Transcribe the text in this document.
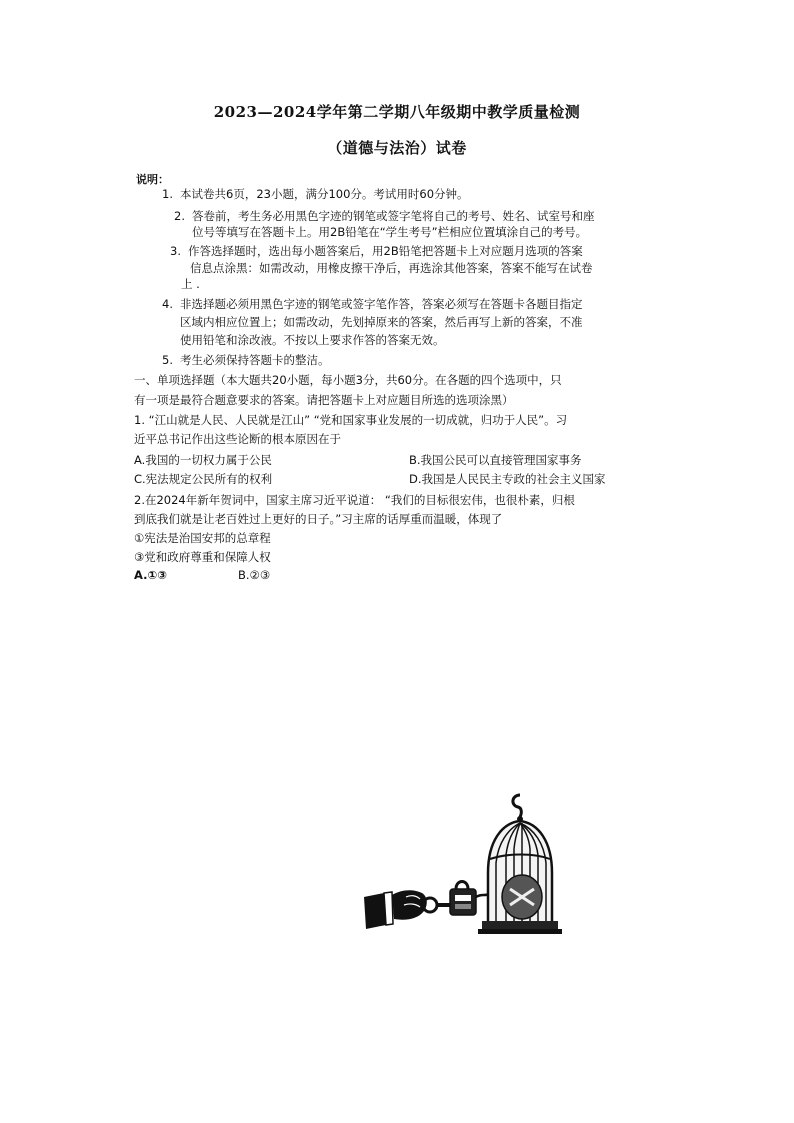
2023—2024学年第二学期八年级期中教学质量检测
（道德与法治）试卷
说明：
1. 本试卷共6页，23小题，满分100分。考试用时60分钟。
2. 答卷前，考生务必用黑色字迹的钢笔或签字笔将自己的考号、姓名、试室号和座
位号等填写在答题卡上。用2B铅笔在“学生考号”栏相应位置填涂自己的考号。
3. 作答选择题时，选出每小题答案后，用2B铅笔把答题卡上对应题月选项的答案
信息点涂黑：如需改动，用橡皮擦干净后，再选涂其他答案，答案不能写在试卷
上 .
4. 非选择题必须用黑色字迹的钢笔或签字笔作答，答案必须写在答题卡各题目指定
区域内相应位置上；如需改动，先划掉原来的答案，然后再写上新的答案，不准
使用铅笔和涂改液。不按以上要求作答的答案无效。
5. 考生必须保持答题卡的整洁。
一、单项选择题（本大题共20小题，每小题3分，共60分。在各题的四个选项中，只
有一项是最符合题意要求的答案。请把答题卡上对应题目所选的选项涂黑）
1. “江山就是人民、人民就是江山” “党和国家事业发展的一切成就，归功于人民”。习
近平总书记作出这些论断的根本原因在于
A.我国的一切权力属于公民	B.我国公民可以直接管理国家事务
C.宪法规定公民所有的权利	D.我国是人民民主专政的社会主义国家
2.在2024年新年贺词中，国家主席习近平说道： “我们的目标很宏伟，也很朴素，归根
到底我们就是让老百姓过上更好的日子。”习主席的话厚重而温暖，体现了
①宪法是治国安邦的总章程
③党和政府尊重和保障人权
A.①③	B.②③
